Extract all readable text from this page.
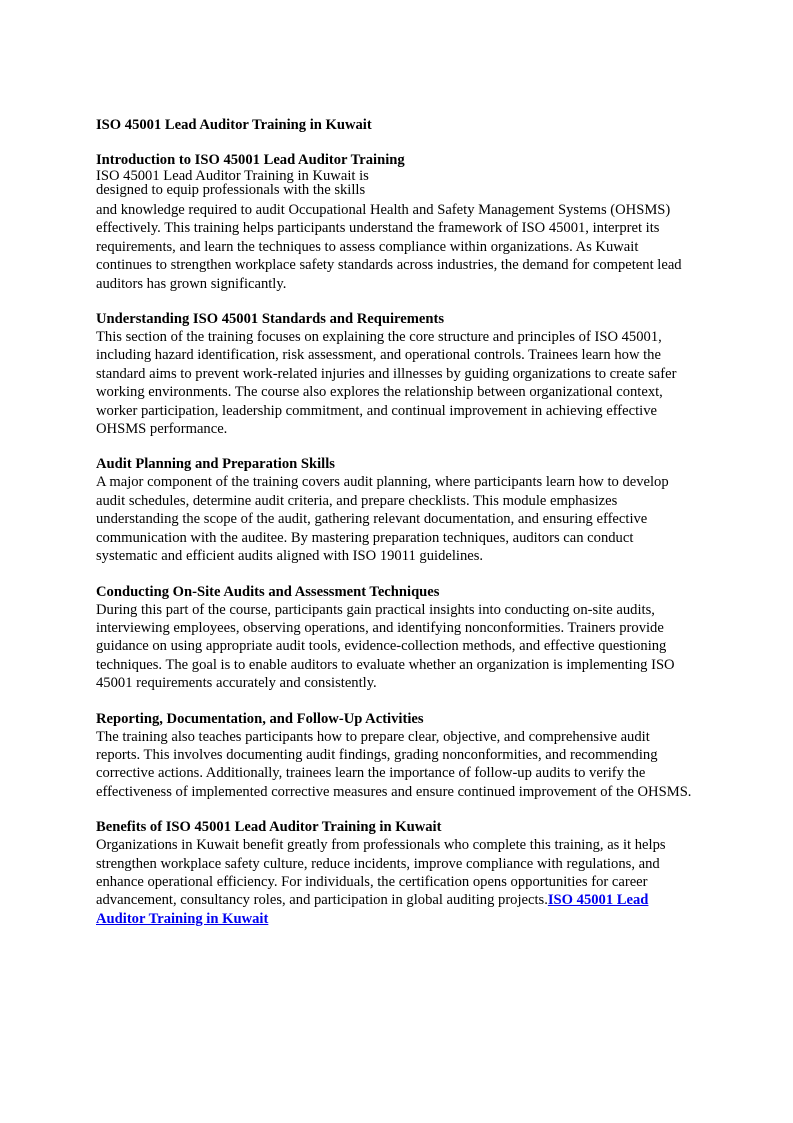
ISO 45001 Lead Auditor Training in Kuwait

Introduction to ISO 45001 Lead Auditor Training

ISO 45001 Lead Auditor Training in Kuwait is

designed to equip professionals with the skills

and knowledge required to audit Occupational Health and Safety Management Systems (OHSMS) effectively. This training helps participants understand the framework of ISO 45001, interpret its requirements, and learn the techniques to assess compliance within organizations. As Kuwait continues to strengthen workplace safety standards across industries, the demand for competent lead auditors has grown significantly.

Understanding ISO 45001 Standards and Requirements

This section of the training focuses on explaining the core structure and principles of ISO 45001, including hazard identification, risk assessment, and operational controls. Trainees learn how the standard aims to prevent work-related injuries and illnesses by guiding organizations to create safer working environments. The course also explores the relationship between organizational context, worker participation, leadership commitment, and continual improvement in achieving effective OHSMS performance.

Audit Planning and Preparation Skills

A major component of the training covers audit planning, where participants learn how to develop audit schedules, determine audit criteria, and prepare checklists. This module emphasizes understanding the scope of the audit, gathering relevant documentation, and ensuring effective communication with the auditee. By mastering preparation techniques, auditors can conduct systematic and efficient audits aligned with ISO 19011 guidelines.

Conducting On-Site Audits and Assessment Techniques

During this part of the course, participants gain practical insights into conducting on-site audits, interviewing employees, observing operations, and identifying nonconformities. Trainers provide guidance on using appropriate audit tools, evidence-collection methods, and effective questioning techniques. The goal is to enable auditors to evaluate whether an organization is implementing ISO 45001 requirements accurately and consistently.

Reporting, Documentation, and Follow-Up Activities

The training also teaches participants how to prepare clear, objective, and comprehensive audit reports. This involves documenting audit findings, grading nonconformities, and recommending corrective actions. Additionally, trainees learn the importance of follow-up audits to verify the effectiveness of implemented corrective measures and ensure continued improvement of the OHSMS.

Benefits of ISO 45001 Lead Auditor Training in Kuwait

Organizations in Kuwait benefit greatly from professionals who complete this training, as it helps strengthen workplace safety culture, reduce incidents, improve compliance with regulations, and enhance operational efficiency. For individuals, the certification opens opportunities for career advancement, consultancy roles, and participation in global auditing projects.ISO 45001 Lead Auditor Training in Kuwait
